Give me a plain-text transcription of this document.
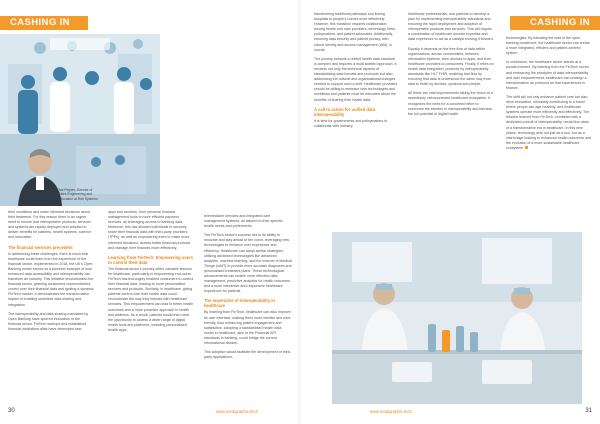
CASHING IN
Joe Peyser, Director of
Sales Engineering and
Education at Rok Systems

their conditions and make informed decisions about their treatment. For this reason there is an urgent need to ensure that interoperable products, services and systems are rapidly deployed and adopted to deliver benefits for patients, health systems, science and innovation.

The financial services precedent

In addressing these challenges, there is much that healthcare could learn from the experience of the financial sector. Implemented in 2018, the UK's Open Banking model serves as a powerful example of how enhanced data accessibility and interoperability can transform an industry. This initiative revolutionised the financial sector, granting consumers unprecedented control over their financial data and igniting a dynamic FinTech market. It demonstrates the transformative impact of enabling seamless data sharing and integration.

The interoperability and data sharing mandated by Open Banking have spurred innovation in the financial sector. FinTech startups and established financial institutions alike have developed new

apps and services, from personal financial management tools to more efficient payment services, all leveraging access to banking data. Moreover, this has allowed individuals to securely share their financial data with third-party providers (TPPs), as well as empowering them to make more informed decisions, access better financial products and manage their finances more effectively.

Learning from FinTech: Empowering users to control their data

The financial sector's journey offers valuable lessons for healthcare, particularly in empowering end-users. FinTech has thoroughly enabled consumers to control their financial data, leading to more personalised services and products. Similarly, in healthcare, giving patients control over their health data could revolutionise the way they interact with healthcare services. This empowerment can lead to better health outcomes and a more proactive approach to health and wellness. As a result, patients would then have the opportunity to access a wider range of digital health tools and platforms, including personalised health apps,

telemedicine services and integrated care management systems, all tailored to their specific health needs and preferences.

The FinTech sector's success lies in its ability to innovate and stay ahead of the curve, leveraging new technologies to enhance user experience and efficiency. Healthcare can adopt similar strategies, utilising advanced technologies like advanced analytics, machine learning, and the Internet of Medical Things (IoMT) to provide more accurate diagnoses and personalised treatment plans. These technological advancements can enable more effective data management, predictive analytics for health outcomes, and a more interactive and responsive healthcare experience for patients.

The imperative of interoperability in healthcare

By learning from FinTech, healthcare can also improve its user interface, making them more intuitive and user-friendly, thus enhancing patient engagement and satisfaction. Adopting a standardised health data model in healthcare, akin to the Financial API standards in banking, could bridge the current informational divides.

This adoption would facilitate the development of third-party applications,

30	www.medigraphic.tech
CASHING IN

transforming traditional pathways and linking hospitals to people's homes more effectively. However, this transition requires collaboration among health and care providers, technology firms, policymakers, and patient advocates. Additionally, ensuring data security and patient privacy, with robust identity and access management (IAM), is crucial.

The journey towards a unified health data standard is complex and requires a multi-faceted approach. It involves not only the technical aspects of standardising data formats and protocols but also addressing the cultural and organisational changes needed to support such a shift. Healthcare providers should be willing to embrace new technologies and workflows and patients must be educated about the benefits of sharing their health data.

A call to action for unified data interoperability

It is time for governments and policymakers to collaborate with industry,

healthcare professionals, and patients to develop a plan for implementing interoperability standards and ensuring the rapid deployment and adoption of interoperable products and services. This will require a combination of healthcare domain expertise and data experience to act as a catalyst moving it forward.

Equally it depends on the free flow of data within organisations, across communities, between information systems, from devices to apps, and from healthcare providers to consumers. Finally, it relies on health data integration, powered by interoperability standards like HL7 FHIR, enabling that flow by ensuring that data is understood the same way from start to finish by devices, systems and people.

All these are vital improvements taking the vision of a seamlessly interconnected healthcare ecosystem. It recognises the need for a concerted effort to overcome the barriers to interoperability and harness the full potential of digital health

technologies. By following the lead of the open banking movement, the healthcare sector can create a more integrated, efficient and patient-centred system.

In conclusion, the healthcare sector stands at a pivotal moment. By learning from the FinTech sector and embracing the principles of data interoperability and user empowerment, healthcare can undergo a transformation as profound as that experienced in finance.

The shift will not only enhance patient care but also drive innovation, ultimately contributing to a future where people can age healthily, and healthcare systems operate more efficiently and effectively. The lessons learned from FinTech, combined with a dedicated pursuit of interoperability, herald the dawn of a transformative era in healthcare. In this new phase, technology acts not just as a tool, but as a vital bridge leading to enhanced health outcomes and the evolution of a more sustainable healthcare ecosystem.

www.medigraphic.tech	31
